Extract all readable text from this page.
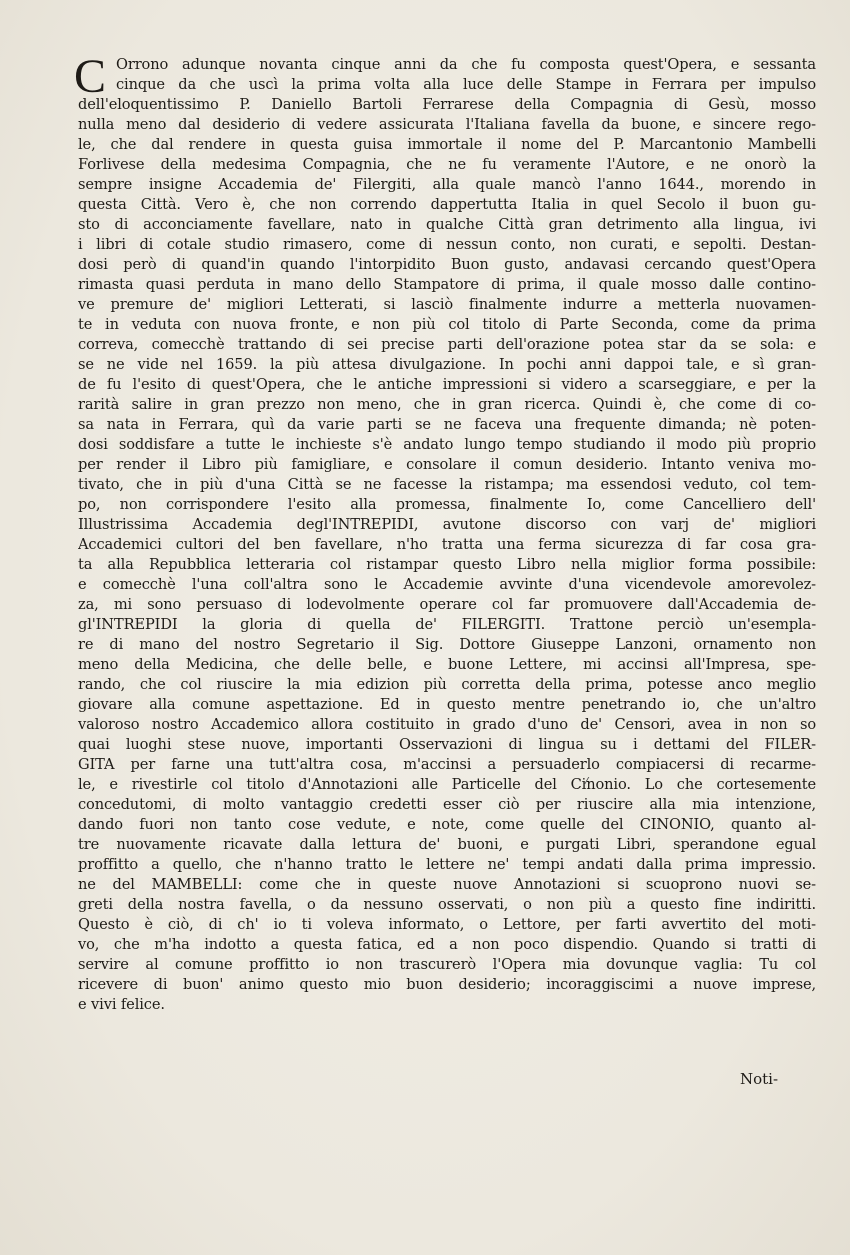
C Orrono adunque novanta cinque anni da che fu composta quest'Opera, e sessanta
cinque da che uscì la prima volta alla luce delle Stampe in Ferrara per impulso
dell'eloquentissimo P. Daniello Bartoli Ferrarese della Compagnia di Gesù, mosso
nulla meno dal desiderio di vedere assicurata l'Italiana favella da buone, e sincere rego-
le, che dal rendere in questa guisa immortale il nome del P. Marcantonio Mambelli
Forlivese della medesima Compagnia, che ne fu veramente l'Autore, e ne onorò la
sempre insigne Accademia de' Filergiti, alla quale mancò l'anno 1644., morendo in
questa Città. Vero è, che non correndo dappertutta Italia in quel Secolo il buon gu-
sto di acconciamente favellare, nato in qualche Città gran detrimento alla lingua, ivi
i libri di cotale studio rimasero, come di nessun conto, non curati, e sepolti. Destan-
dosi però di quand'in quando l'intorpidito Buon gusto, andavasi cercando quest'Opera
rimasta quasi perduta in mano dello Stampatore di prima, il quale mosso dalle contino-
ve premure de' migliori Letterati, si lasciò finalmente indurre a metterla nuovamen-
te in veduta con nuova fronte, e non più col titolo di Parte Seconda, come da prima
correva, comecchè trattando di sei precise parti dell'orazione potea star da se sola: e
se ne vide nel 1659. la più attesa divulgazione. In pochi anni dappoi tale, e sì gran-
de fu l'esito di quest'Opera, che le antiche impressioni si videro a scarseggiare, e per la
rarità salire in gran prezzo non meno, che in gran ricerca. Quindi è, che come di co-
sa nata in Ferrara, quì da varie parti se ne faceva una frequente dimanda; nè poten-
dosi soddisfare a tutte le inchieste s'è andato lungo tempo studiando il modo più proprio
per render il Libro più famigliare, e consolare il comun desiderio. Intanto veniva mo-
tivato, che in più d'una Città se ne facesse la ristampa; ma essendosi veduto, col tem-
po, non corrispondere l'esito alla promessa, finalmente Io, come Cancelliero dell'
Illustrissima Accademia degl'INTREPIDI, avutone discorso con varj de' migliori
Accademici cultori del ben favellare, n'ho tratta una ferma sicurezza di far cosa gra-
ta alla Repubblica letteraria col ristampar questo Libro nella miglior forma possibile:
e comecchè l'una coll'altra sono le Accademie avvinte d'una vicendevole amorevolez-
za, mi sono persuaso di lodevolmente operare col far promuovere dall'Accademia de-
gl'INTREPIDI la gloria di quella de' FILERGITI. Trattone perciò un'esempla-
re di mano del nostro Segretario il Sig. Dottore Giuseppe Lanzoni, ornamento non
meno della Medicina, che delle belle, e buone Lettere, mi accinsi all'Impresa, spe-
rando, che col riuscire la mia edizion più corretta della prima, potesse anco meglio
giovare alla comune aspettazione. Ed in questo mentre penetrando io, che un'altro
valoroso nostro Accademico allora costituito in grado d'uno de' Censori, avea in non so
quai luoghi stese nuove, importanti Osservazioni di lingua su i dettami del FILER-
GITA per farne una tutt'altra cosa, m'accinsi a persuaderlo compiacersi di recarme-
le, e rivestirle col titolo d'Annotazioni alle Particelle del Cinonio. Lo che cortesemente
concedutomi, di molto vantaggio credetti esser ciò per riuscire alla mia intenzione,
dando fuori non tanto cose vedute, e note, come quelle del CINONIO, quanto al-
tre nuovamente ricavate dalla lettura de' buoni, e purgati Libri, sperandone egual
proffitto a quello, che n'hanno tratto le lettere ne' tempi andati dalla prima impressio.
ne del MAMBELLI: come che in queste nuove Annotazioni si scuoprono nuovi se-
greti della nostra favella, o da nessuno osservati, o non più a questo fine indiritti.
Questo è ciò, di ch' io ti voleva informato, o Lettore, per farti avvertito del moti-
vo, che m'ha indotto a questa fatica, ed a non poco dispendio. Quando si tratti di
servire al comune proffitto io non trascurerò l'Opera mia dovunque vaglia: Tu col
ricevere di buon' animo questo mio buon desiderio; incoraggiscimi a nuove imprese,
e vivi felice.
Noti-
